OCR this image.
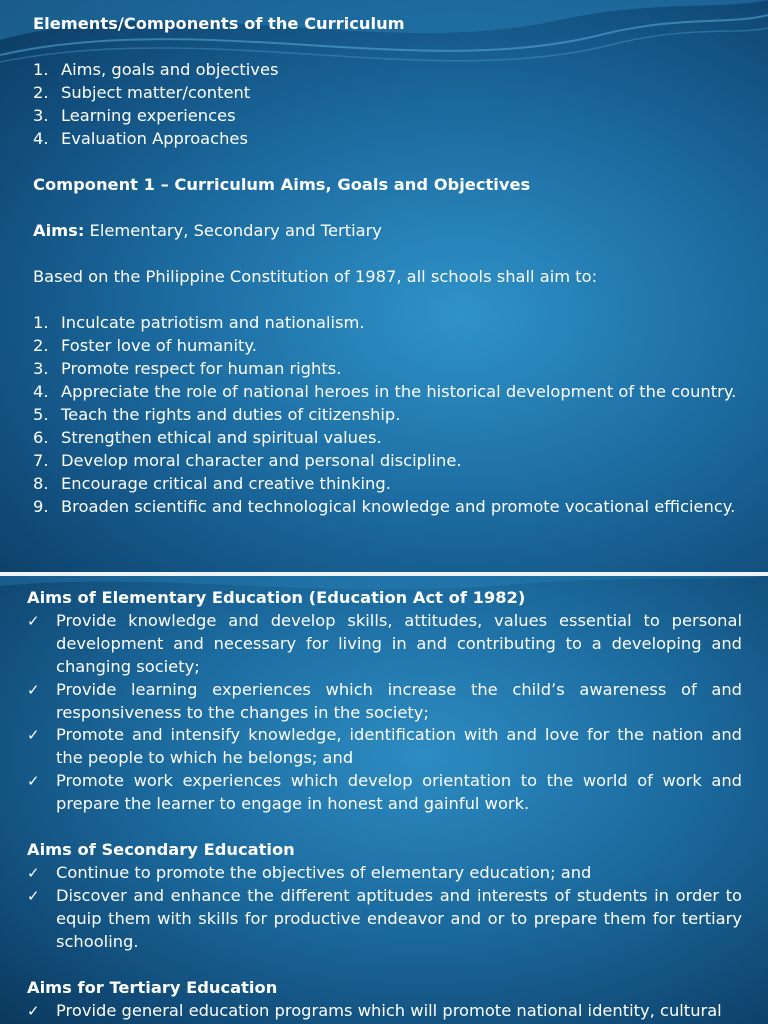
Elements/Components of the Curriculum

1. Aims, goals and objectives
2. Subject matter/content
3. Learning experiences
4. Evaluation Approaches

Component 1 – Curriculum Aims, Goals and Objectives

Aims: Elementary, Secondary and Tertiary

Based on the Philippine Constitution of 1987, all schools shall aim to:

1. Inculcate patriotism and nationalism.
2. Foster love of humanity.
3. Promote respect for human rights.
4. Appreciate the role of national heroes in the historical development of the country.
5. Teach the rights and duties of citizenship.
6. Strengthen ethical and spiritual values.
7. Develop moral character and personal discipline.
8. Encourage critical and creative thinking.
9. Broaden scientific and technological knowledge and promote vocational efficiency.

Aims of Elementary Education (Education Act of 1982)

✓ Provide knowledge and develop skills, attitudes, values essential to personal development and necessary for living in and contributing to a developing and changing society;
✓ Provide learning experiences which increase the child’s awareness of and responsiveness to the changes in the society;
✓ Promote and intensify knowledge, identification with and love for the nation and the people to which he belongs; and
✓ Promote work experiences which develop orientation to the world of work and prepare the learner to engage in honest and gainful work.

Aims of Secondary Education

✓ Continue to promote the objectives of elementary education; and
✓ Discover and enhance the different aptitudes and interests of students in order to equip them with skills for productive endeavor and or to prepare them for tertiary schooling.

Aims for Tertiary Education

✓ Provide general education programs which will promote national identity, cultural
